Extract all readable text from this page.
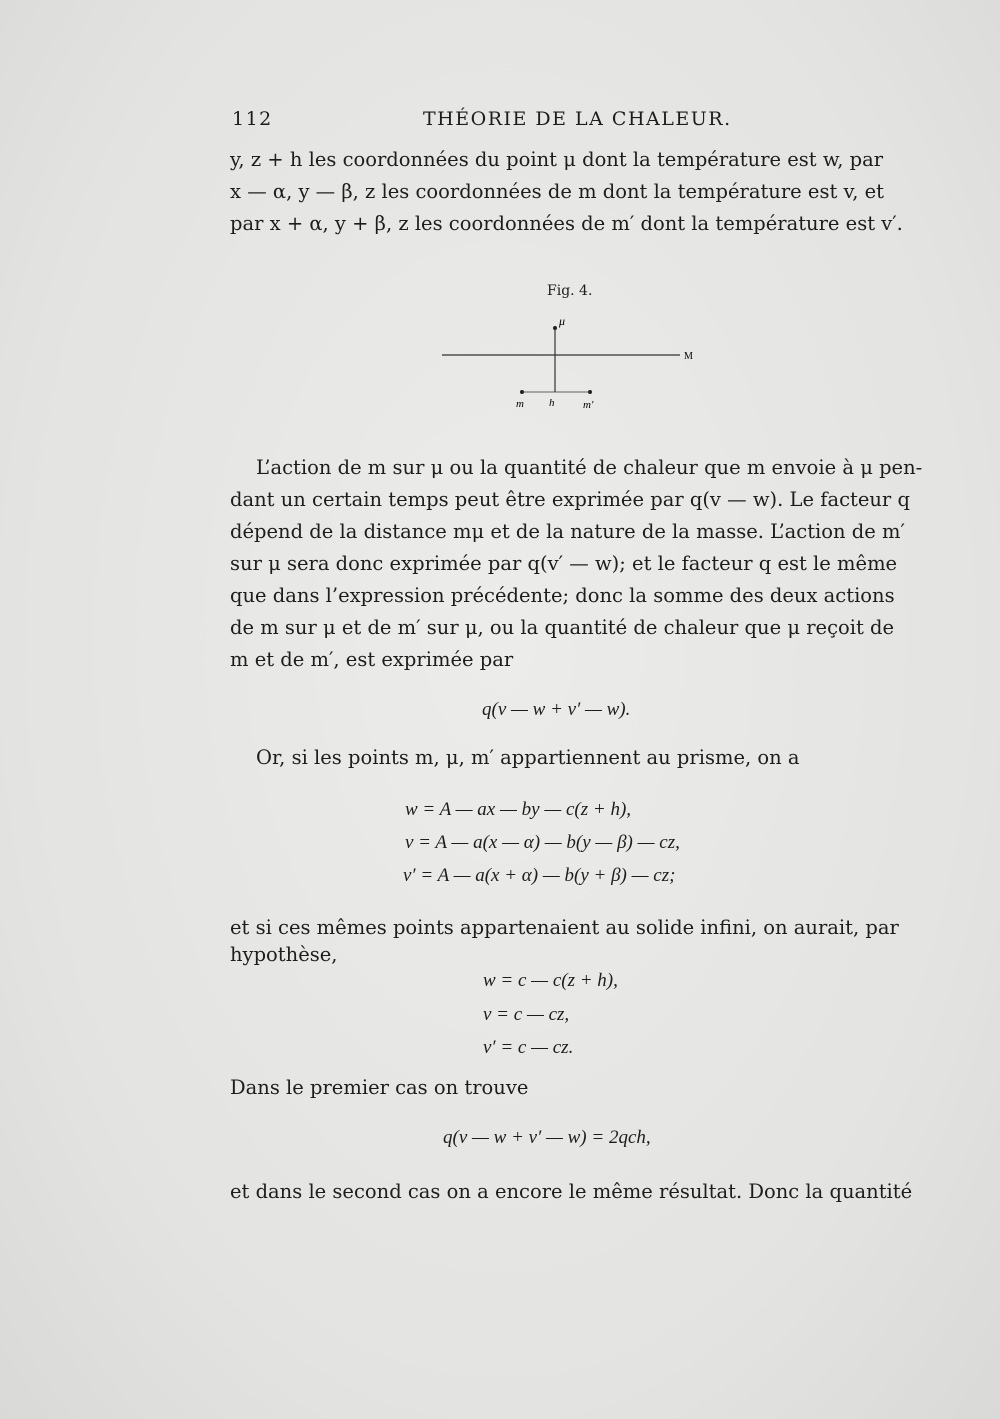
112	THÉORIE DE LA CHALEUR.
y, z + h les coordonnées du point μ dont la température est w, par
x — α, y — β, z les coordonnées de m dont la température est v, et
par x + α, y + β, z les coordonnées de m′ dont la température est v′.
Fig. 4.
μ
M
m h	m′
L’action de m sur μ ou la quantité de chaleur que m envoie à μ pen-
dant un certain temps peut être exprimée par q(v — w). Le facteur q
dépend de la distance mμ et de la nature de la masse. L’action de m′
sur μ sera donc exprimée par q(v′ — w); et le facteur q est le même
que dans l’expression précédente; donc la somme des deux actions
de m sur μ et de m′ sur μ, ou la quantité de chaleur que μ reçoit de
m et de m′, est exprimée par
q(v — w + v′ — w).
Or, si les points m, μ, m′ appartiennent au prisme, on a
w = A — ax — by — c(z + h),
v = A — a(x — α) — b(y — β) — cz,
v′ = A — a(x + α) — b(y + β) — cz;
et si ces mêmes points appartenaient au solide infini, on aurait, par
hypothèse,
w = c — c(z + h),
v = c — cz,
v′ = c — cz.
Dans le premier cas on trouve
q(v — w + v′ — w) = 2qch,
et dans le second cas on a encore le même résultat. Donc la quantité
